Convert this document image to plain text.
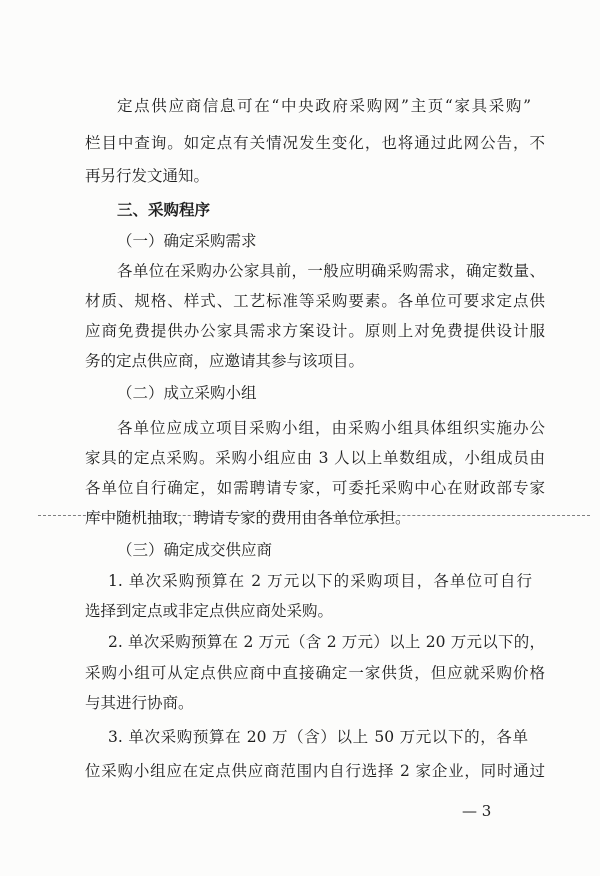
定点供应商信息可在“中央政府采购网”主页“家具采购”
栏目中查询。如定点有关情况发生变化，也将通过此网公告，不
再另行发文通知。
三、采购程序
（一）确定采购需求
各单位在采购办公家具前，一般应明确采购需求，确定数量、
材质、规格、样式、工艺标准等采购要素。各单位可要求定点供
应商免费提供办公家具需求方案设计。原则上对免费提供设计服
务的定点供应商，应邀请其参与该项目。
（二）成立采购小组
各单位应成立项目采购小组，由采购小组具体组织实施办公
家具的定点采购。采购小组应由 3 人以上单数组成，小组成员由
各单位自行确定，如需聘请专家，可委托采购中心在财政部专家
库中随机抽取，聘请专家的费用由各单位承担。
（三）确定成交供应商
1. 单次采购预算在 2 万元以下的采购项目，各单位可自行
选择到定点或非定点供应商处采购。
2. 单次采购预算在 2 万元（含 2 万元）以上 20 万元以下的，
采购小组可从定点供应商中直接确定一家供货，但应就采购价格
与其进行协商。
3. 单次采购预算在 20 万（含）以上 50 万元以下的，各单
位采购小组应在定点供应商范围内自行选择 2 家企业，同时通过
— 3
